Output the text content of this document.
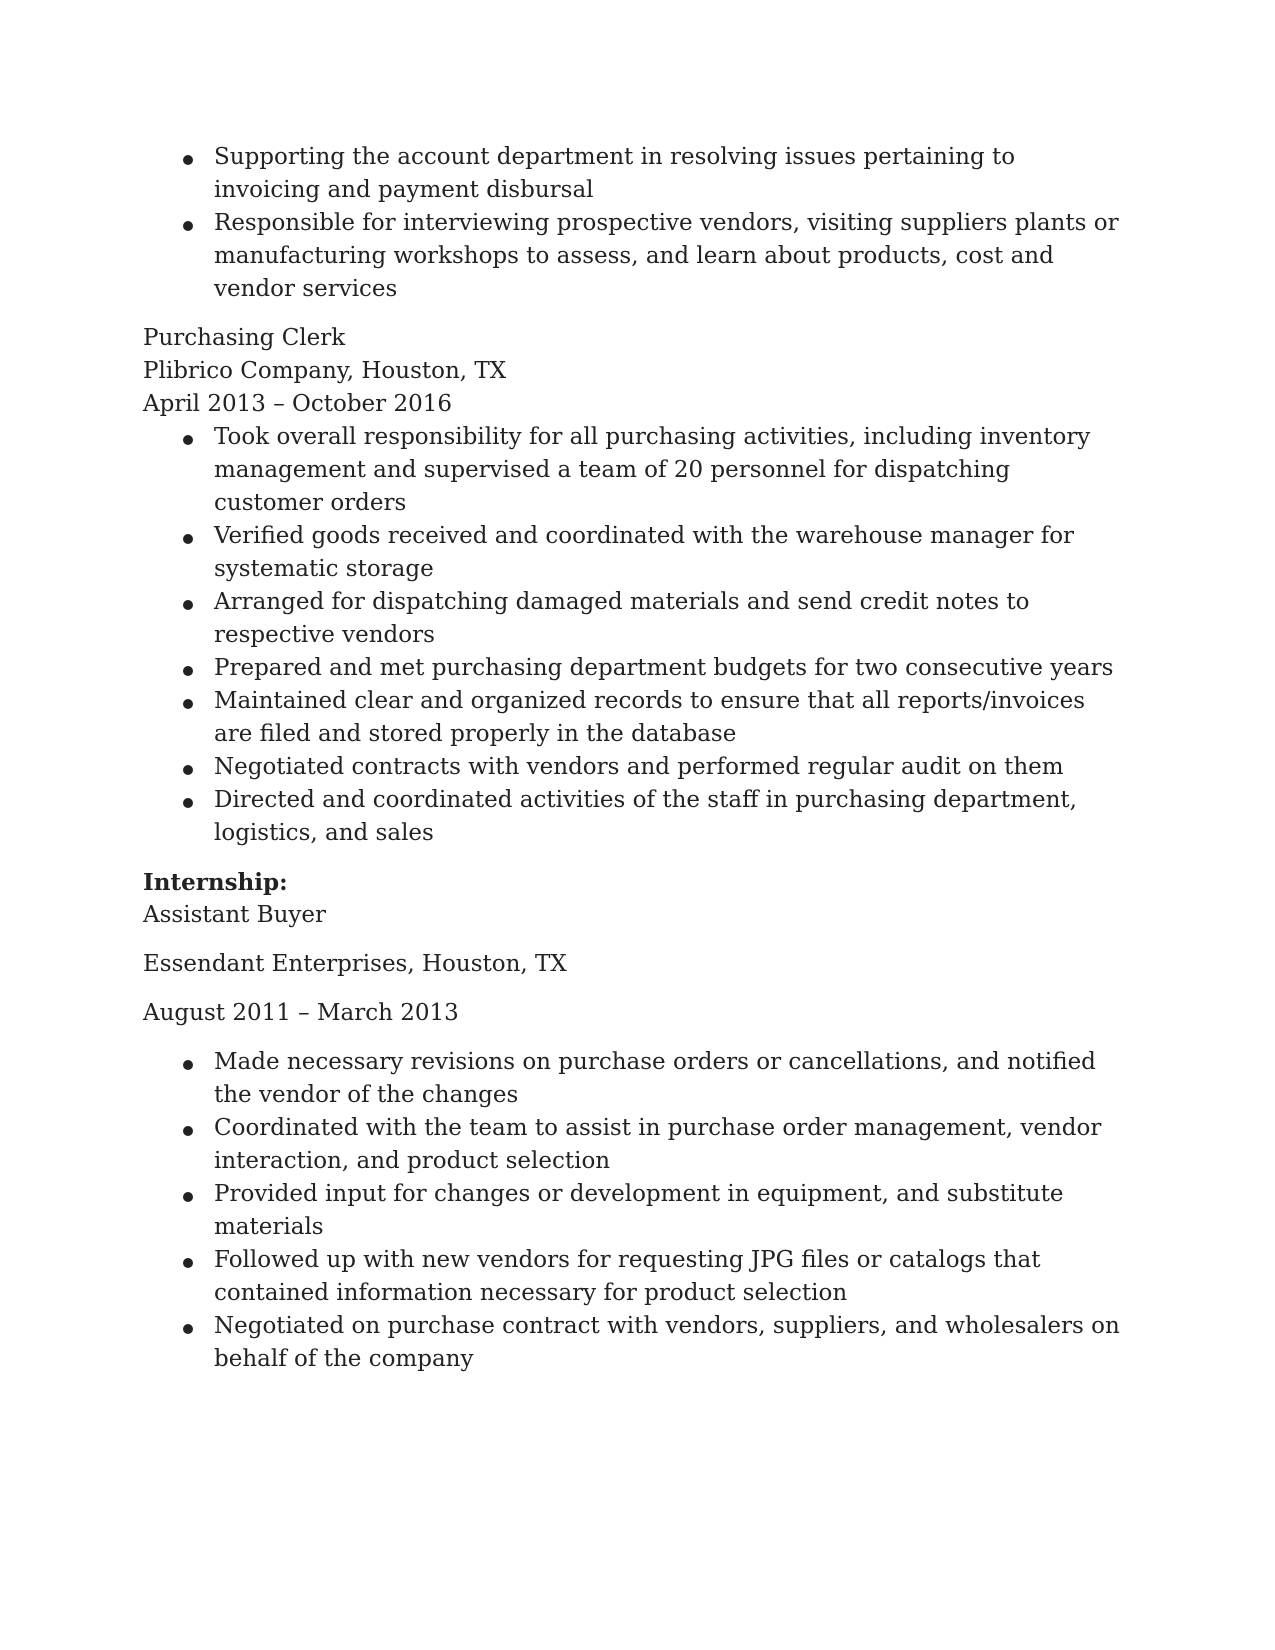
Supporting the account department in resolving issues pertaining to invoicing and payment disbursal
Responsible for interviewing prospective vendors, visiting suppliers plants or manufacturing workshops to assess, and learn about products, cost and vendor services

Purchasing Clerk

Plibrico Company, Houston, TX

April 2013 – October 2016

Took overall responsibility for all purchasing activities, including inventory management and supervised a team of 20 personnel for dispatching customer orders
Verified goods received and coordinated with the warehouse manager for systematic storage
Arranged for dispatching damaged materials and send credit notes to respective vendors
Prepared and met purchasing department budgets for two consecutive years
Maintained clear and organized records to ensure that all reports/invoices are filed and stored properly in the database
Negotiated contracts with vendors and performed regular audit on them
Directed and coordinated activities of the staff in purchasing department, logistics, and sales

Internship:

Assistant Buyer

Essendant Enterprises, Houston, TX

August 2011 – March 2013

Made necessary revisions on purchase orders or cancellations, and notified the vendor of the changes
Coordinated with the team to assist in purchase order management, vendor interaction, and product selection
Provided input for changes or development in equipment, and substitute materials
Followed up with new vendors for requesting JPG files or catalogs that contained information necessary for product selection
Negotiated on purchase contract with vendors, suppliers, and wholesalers on behalf of the company
